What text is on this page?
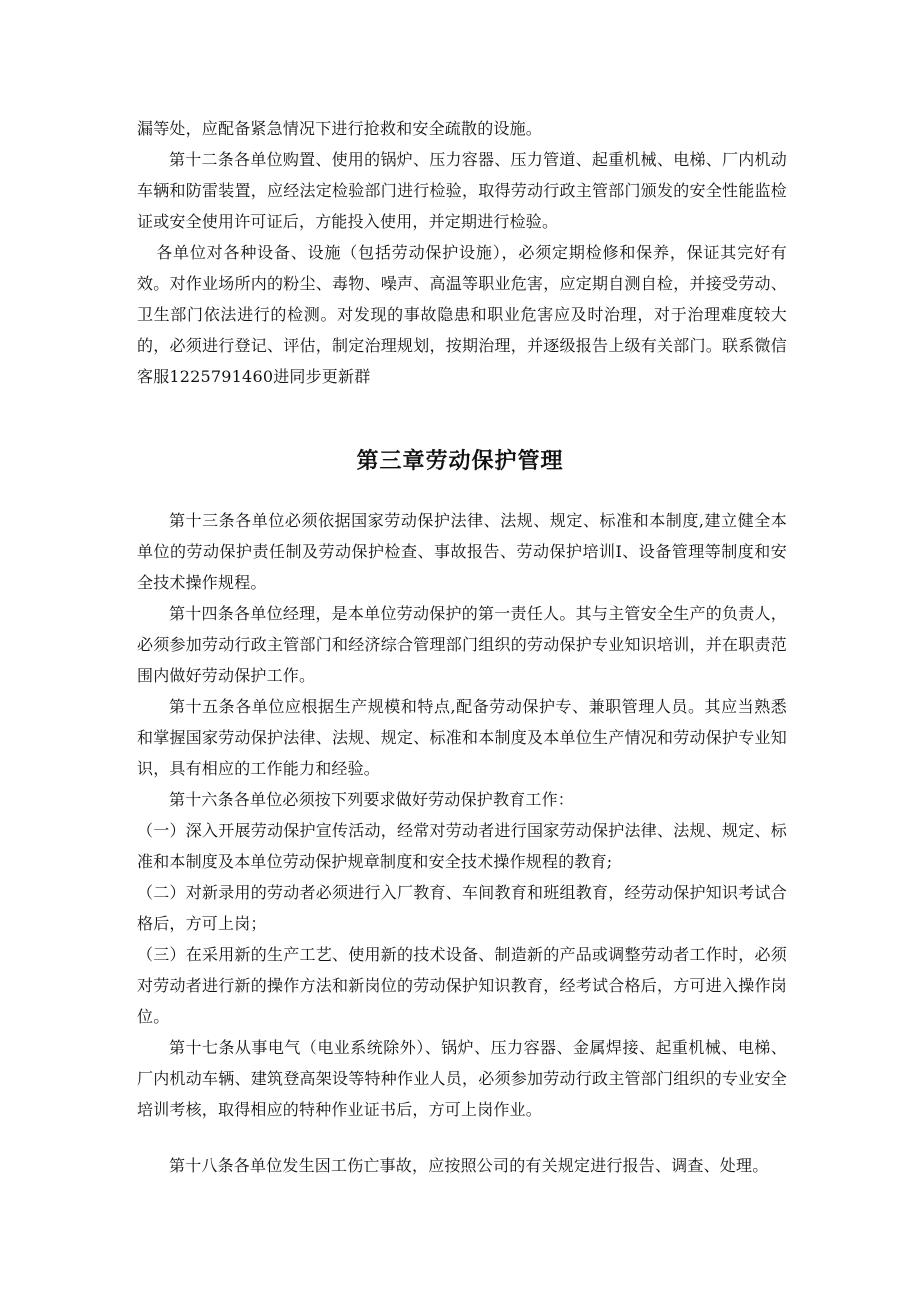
漏等处，应配备紧急情况下进行抢救和安全疏散的设施。

第十二条各单位购置、使用的锅炉、压力容器、压力管道、起重机械、电梯、厂内机动车辆和防雷装置，应经法定检验部门进行检验，取得劳动行政主管部门颁发的安全性能监检证或安全使用许可证后，方能投入使用，并定期进行检验。

各单位对各种设备、设施（包括劳动保护设施），必须定期检修和保养，保证其完好有效。对作业场所内的粉尘、毒物、噪声、高温等职业危害，应定期自测自检，并接受劳动、卫生部门依法进行的检测。对发现的事故隐患和职业危害应及时治理，对于治理难度较大的，必须进行登记、评估，制定治理规划，按期治理，并逐级报告上级有关部门。联系微信客服1225791460进同步更新群

第三章劳动保护管理

第十三条各单位必须依据国家劳动保护法律、法规、规定、标准和本制度,建立健全本单位的劳动保护责任制及劳动保护检查、事故报告、劳动保护培训I、设备管理等制度和安全技术操作规程。

第十四条各单位经理，是本单位劳动保护的第一责任人。其与主管安全生产的负责人，必须参加劳动行政主管部门和经济综合管理部门组织的劳动保护专业知识培训，并在职责范围内做好劳动保护工作。

第十五条各单位应根据生产规模和特点,配备劳动保护专、兼职管理人员。其应当熟悉和掌握国家劳动保护法律、法规、规定、标准和本制度及本单位生产情况和劳动保护专业知识，具有相应的工作能力和经验。

第十六条各单位必须按下列要求做好劳动保护教育工作：

（一）深入开展劳动保护宣传活动，经常对劳动者进行国家劳动保护法律、法规、规定、标准和本制度及本单位劳动保护规章制度和安全技术操作规程的教育;

（二）对新录用的劳动者必须进行入厂教育、车间教育和班组教育，经劳动保护知识考试合格后，方可上岗；

（三）在采用新的生产工艺、使用新的技术设备、制造新的产品或调整劳动者工作时，必须对劳动者进行新的操作方法和新岗位的劳动保护知识教育，经考试合格后，方可进入操作岗位。

第十七条从事电气（电业系统除外）、锅炉、压力容器、金属焊接、起重机械、电梯、厂内机动车辆、建筑登高架设等特种作业人员，必须参加劳动行政主管部门组织的专业安全培训考核，取得相应的特种作业证书后，方可上岗作业。

第十八条各单位发生因工伤亡事故，应按照公司的有关规定进行报告、调查、处理。
